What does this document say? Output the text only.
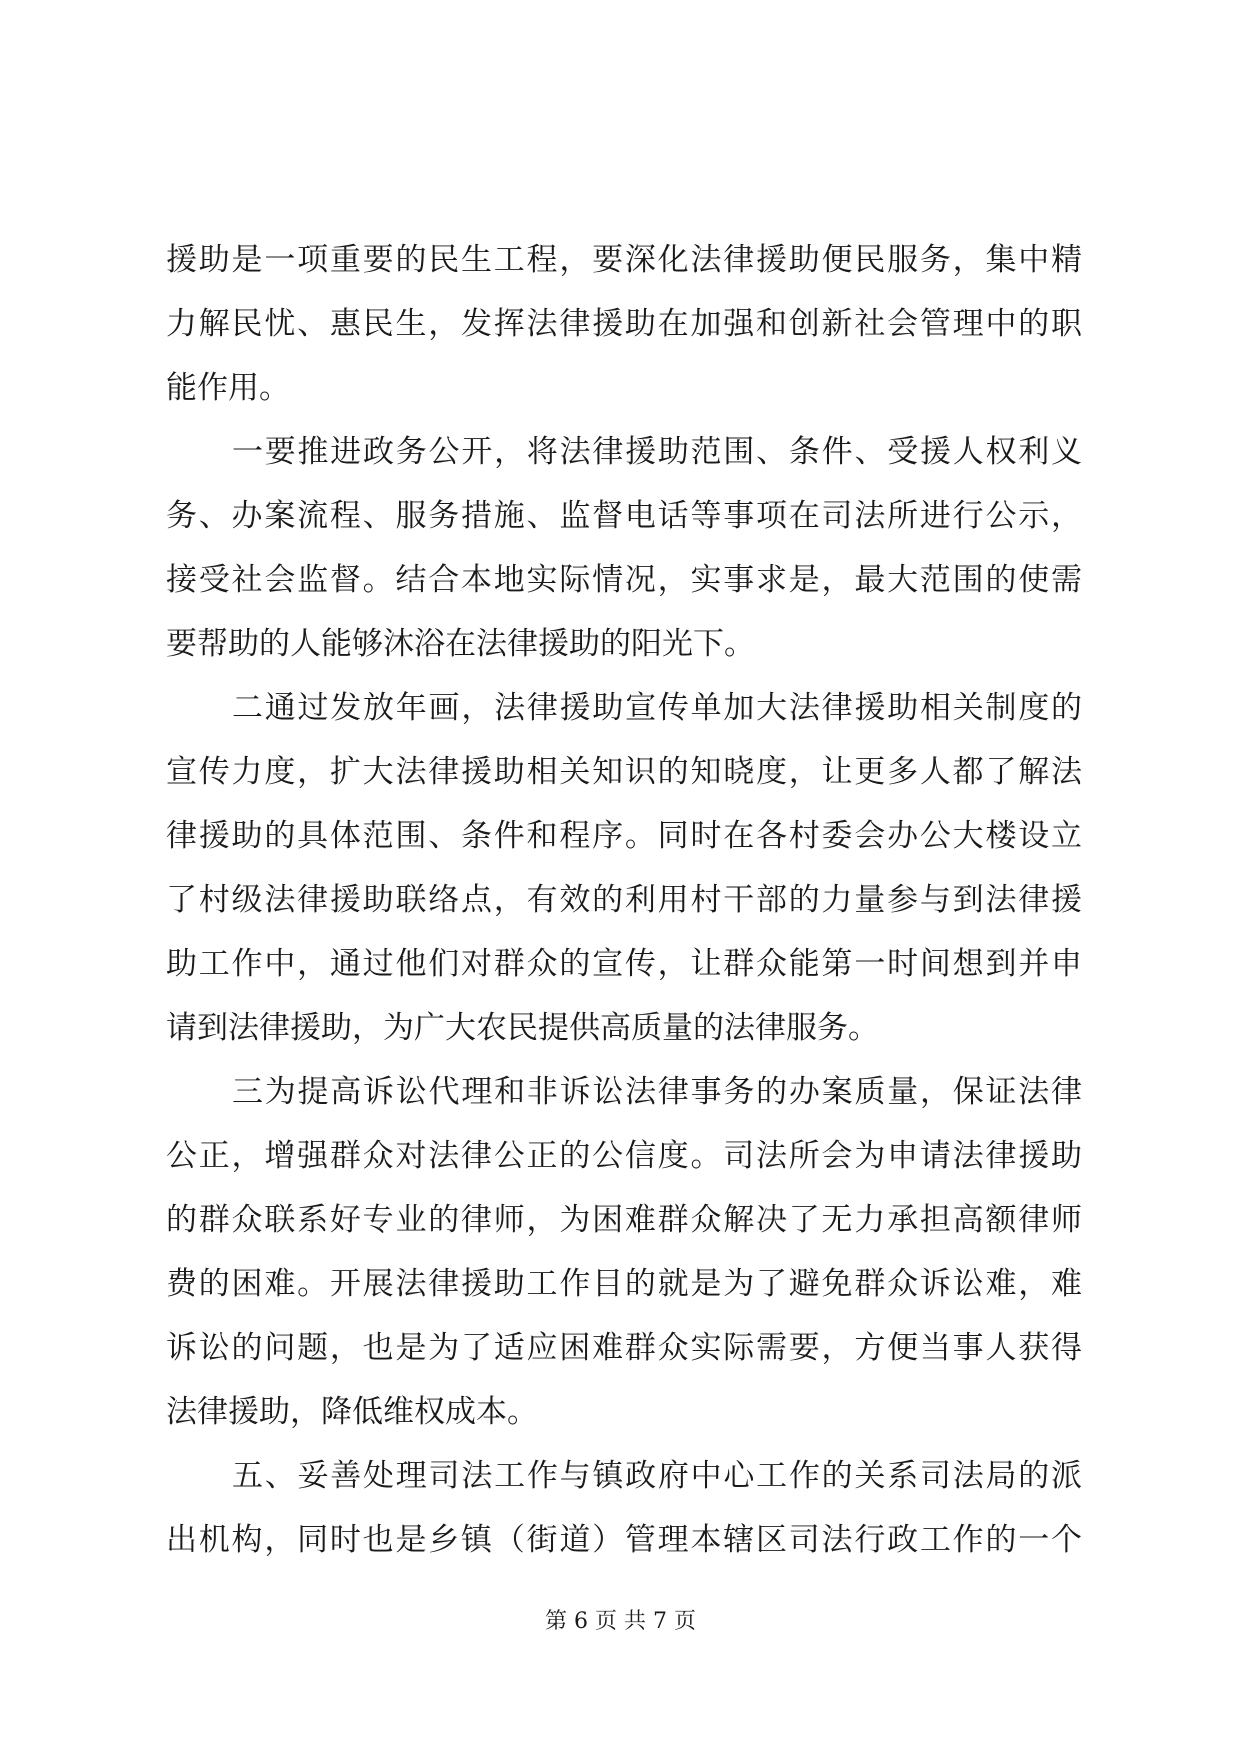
援助是一项重要的民生工程，要深化法律援助便民服务，集中精
力解民忧、惠民生，发挥法律援助在加强和创新社会管理中的职
能作用。
一要推进政务公开，将法律援助范围、条件、受援人权利义
务、办案流程、服务措施、监督电话等事项在司法所进行公示，
接受社会监督。结合本地实际情况，实事求是，最大范围的使需
要帮助的人能够沐浴在法律援助的阳光下。
二通过发放年画，法律援助宣传单加大法律援助相关制度的
宣传力度，扩大法律援助相关知识的知晓度，让更多人都了解法
律援助的具体范围、条件和程序。同时在各村委会办公大楼设立
了村级法律援助联络点，有效的利用村干部的力量参与到法律援
助工作中，通过他们对群众的宣传，让群众能第一时间想到并申
请到法律援助，为广大农民提供高质量的法律服务。
三为提高诉讼代理和非诉讼法律事务的办案质量，保证法律
公正，增强群众对法律公正的公信度。司法所会为申请法律援助
的群众联系好专业的律师，为困难群众解决了无力承担高额律师
费的困难。开展法律援助工作目的就是为了避免群众诉讼难，难
诉讼的问题，也是为了适应困难群众实际需要，方便当事人获得
法律援助，降低维权成本。
五、妥善处理司法工作与镇政府中心工作的关系司法局的派
出机构，同时也是乡镇（街道）管理本辖区司法行政工作的一个
第 6 页 共 7 页
